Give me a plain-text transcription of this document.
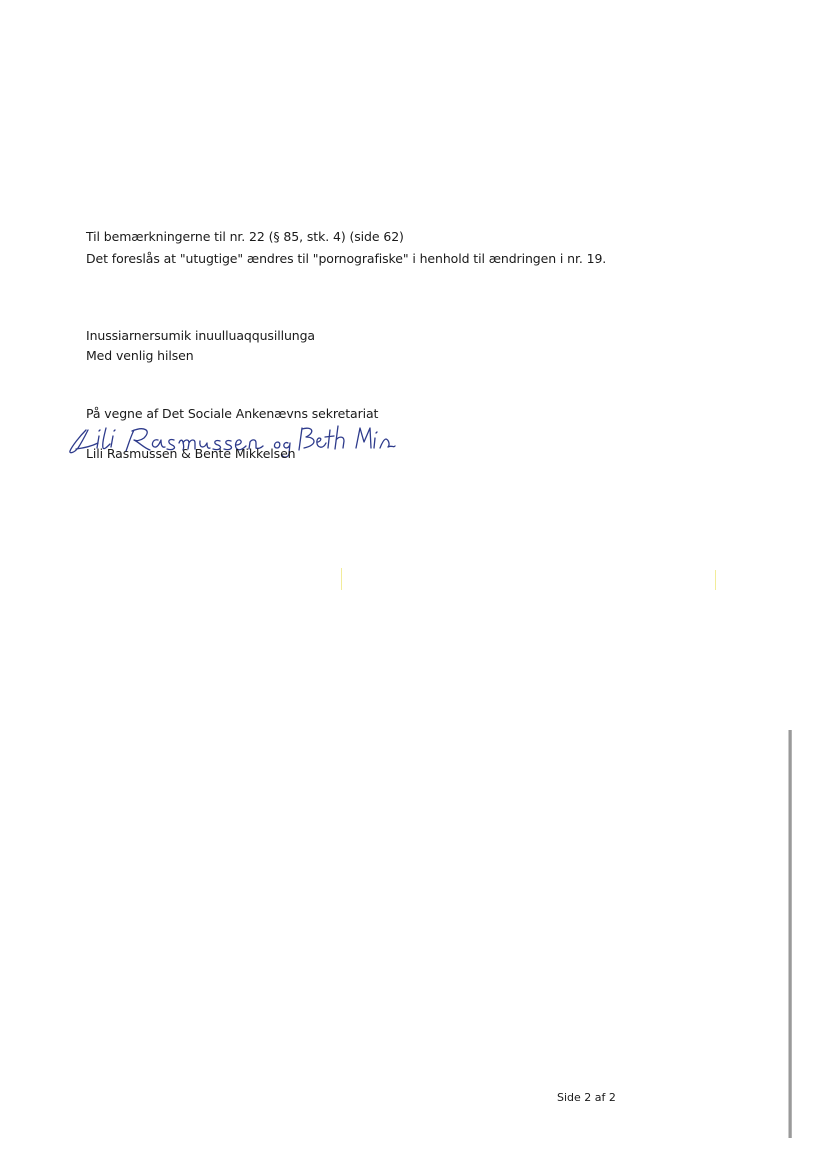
Til bemærkningerne til nr. 22 (§ 85, stk. 4) (side 62)
Det foreslås at "utugtige" ændres til "pornografiske" i henhold til ændringen i nr. 19.
Inussiarnersumik inuulluaqqusillunga
Med venlig hilsen
På vegne af Det Sociale Ankenævns sekretariat
Lili Rasmussen & Bente Mikkelsen
Side 2 af 2
